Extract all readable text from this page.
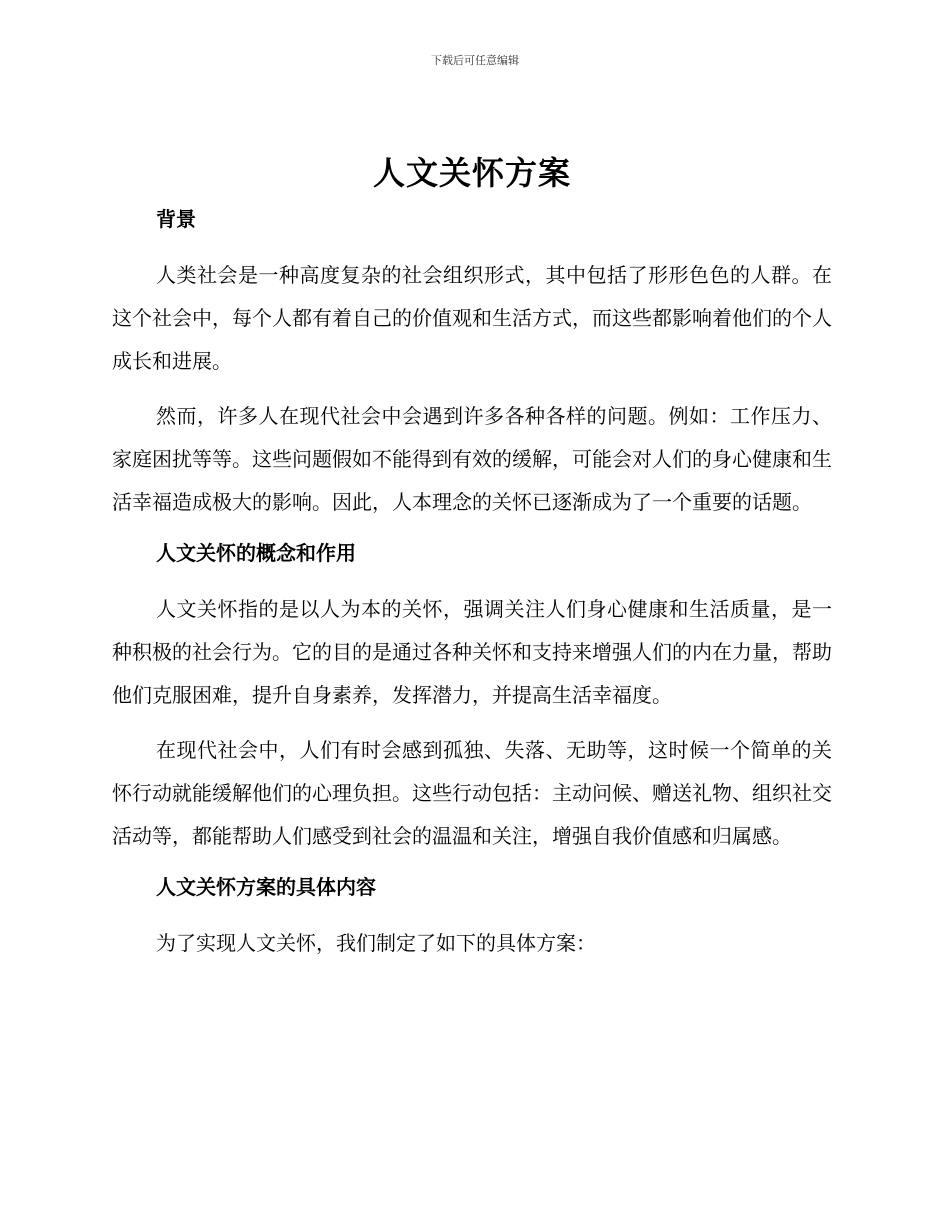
下载后可任意编辑
人文关怀方案
背景

人类社会是一种高度复杂的社会组织形式，其中包括了形形色色的人群。在这个社会中，每个人都有着自己的价值观和生活方式，而这些都影响着他们的个人成长和进展。

然而，许多人在现代社会中会遇到许多各种各样的问题。例如：工作压力、家庭困扰等等。这些问题假如不能得到有效的缓解，可能会对人们的身心健康和生活幸福造成极大的影响。因此，人本理念的关怀已逐渐成为了一个重要的话题。

人文关怀的概念和作用

人文关怀指的是以人为本的关怀，强调关注人们身心健康和生活质量，是一种积极的社会行为。它的目的是通过各种关怀和支持来增强人们的内在力量，帮助他们克服困难，提升自身素养，发挥潜力，并提高生活幸福度。

在现代社会中，人们有时会感到孤独、失落、无助等，这时候一个简单的关怀行动就能缓解他们的心理负担。这些行动包括：主动问候、赠送礼物、组织社交活动等，都能帮助人们感受到社会的温温和关注，增强自我价值感和归属感。

人文关怀方案的具体内容

为了实现人文关怀，我们制定了如下的具体方案：
